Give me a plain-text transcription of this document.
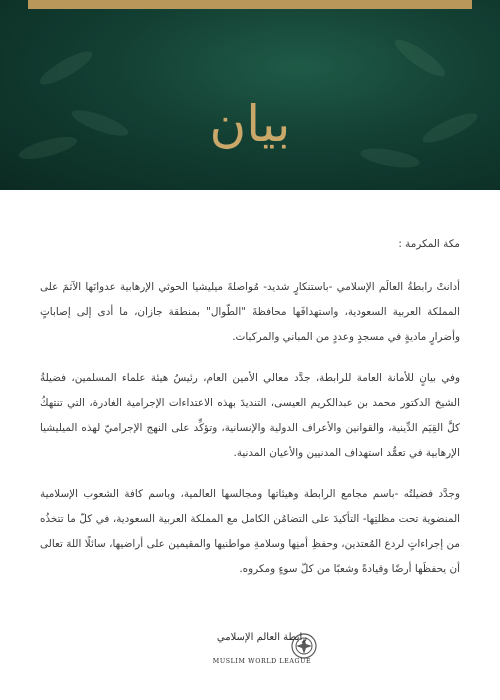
بيان

مكة المكرمة :

أدانتْ رابطةُ العالَم الإسلامي -باستنكارٍ شديد- مُواصلةَ ميليشيا الحوثي الإرهابية عدوانَها الآثمَ على المملكة العربية السعودية، واستهدافَها محافظةَ "الطّوال" بمنطقة جازان، ما أدى إلى إصاباتٍ وأضرارٍ ماديةٍ في مسجدٍ وعددٍ من المباني والمركبات.

وفي بيانٍ للأمانة العامة للرابطة، جدَّد معالي الأمين العام، رئيسُ هيئة علماء المسلمين، فضيلةُ الشيخ الدكتور محمد بن عبدالكريم العيسى، التنديدَ بهذه الاعتداءات الإجرامية الغادرة، التي تنتهكُ كلَّ القِيَم الدِّينية، والقوانين والأعراف الدولية والإنسانية، وتؤكِّد على النهج الإجراميّ لهذه الميليشيا الإرهابية في تعمُّد استهداف المدنيين والأعيان المدنية.

وجدَّد فضيلتُه -باسم مجامع الرابطة وهيئاتها ومجالسها العالمية، وباسم كافة الشعوب الإسلامية المنضوية تحت مظلتِها- التأكيدَ على التضامُن الكامل مع المملكة العربية السعودية، في كلّ ما تتخذُه من إجراءاتٍ لردع المُعتدين، وحفظِ أمنِها وسلامةِ مواطنيها والمقيمين على أراضيها، سائلًا اللهَ تعالى أن يحفظَها أرضًا وقيادةً وشعبًا من كلّ سوءٍ ومكروه.

رابطة العالم الإسلامي
MUSLIM WORLD LEAGUE
